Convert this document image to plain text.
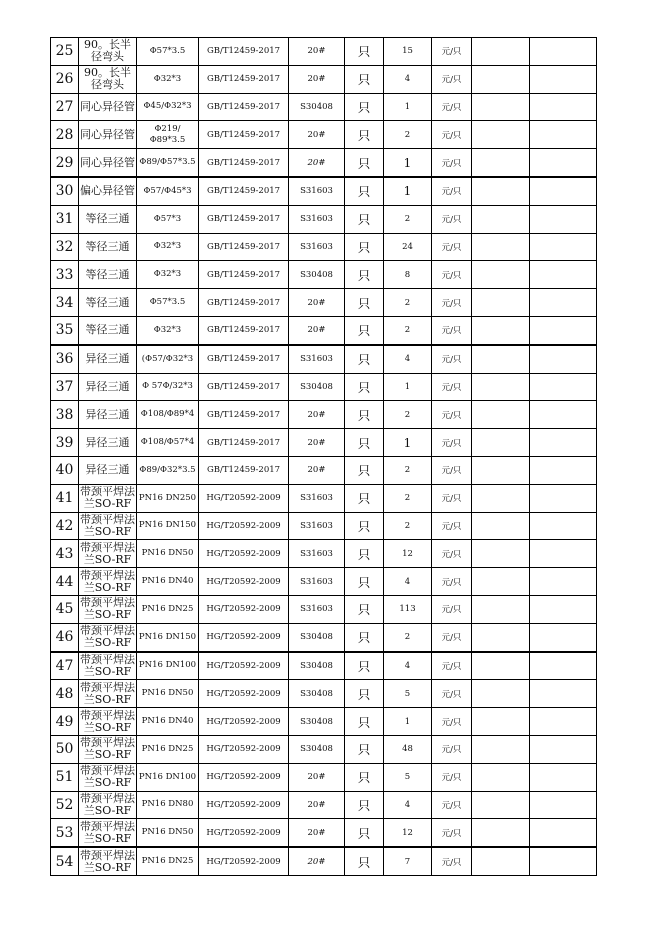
25	90。长半径弯头	Φ57*3.5	GB/T12459-2017	20#	只	15	元/只		
26	90。长半径弯头	Φ32*3	GB/T12459-2017	20#	只	4	元/只		
27	同心异径管	Φ45/Φ32*3	GB/T12459-2017	S30408	只	1	元/只		
28	同心异径管	Φ219/Φ89*3.5	GB/T12459-2017	20#	只	2	元/只		
29	同心异径管	Φ89/Φ57*3.5	GB/T12459-2017	20#	只	1	元/只		
30	偏心异径管	Φ57/Φ45*3	GB/T12459-2017	S31603	只	1	元/只		
31	等径三通	Φ57*3	GB/T12459-2017	S31603	只	2	元/只		
32	等径三通	Φ32*3	GB/T12459-2017	S31603	只	24	元/只		
33	等径三通	Φ32*3	GB/T12459-2017	S30408	只	8	元/只		
34	等径三通	Φ57*3.5	GB/T12459-2017	20#	只	2	元/只		
35	等径三通	Φ32*3	GB/T12459-2017	20#	只	2	元/只		
36	异径三通	(Φ57/Φ32*3	GB/T12459-2017	S31603	只	4	元/只		
37	异径三通	Φ 57Φ/32*3	GB/T12459-2017	S30408	只	1	元/只		
38	异径三通	Φ108/Φ89*4	GB/T12459-2017	20#	只	2	元/只		
39	异径三通	Φ108/Φ57*4	GB/T12459-2017	20#	只	1	元/只		
40	异径三通	Φ89/Φ32*3.5	GB/T12459-2017	20#	只	2	元/只		
41	带颈平焊法兰SO-RF	PN16 DN250	HG/T20592-2009	S31603	只	2	元/只		
42	带颈平焊法兰SO-RF	PN16 DN150	HG/T20592-2009	S31603	只	2	元/只		
43	带颈平焊法兰SO-RF	PN16 DN50	HG/T20592-2009	S31603	只	12	元/只		
44	带颈平焊法兰SO-RF	PN16 DN40	HG/T20592-2009	S31603	只	4	元/只		
45	带颈平焊法兰SO-RF	PN16 DN25	HG/T20592-2009	S31603	只	113	元/只		
46	带颈平焊法兰SO-RF	PN16 DN150	HG/T20592-2009	S30408	只	2	元/只		
47	带颈平焊法兰SO-RF	PN16 DN100	HG/T20592-2009	S30408	只	4	元/只		
48	带颈平焊法兰SO-RF	PN16 DN50	HG/T20592-2009	S30408	只	5	元/只		
49	带颈平焊法兰SO-RF	PN16 DN40	HG/T20592-2009	S30408	只	1	元/只		
50	带颈平焊法兰SO-RF	PN16 DN25	HG/T20592-2009	S30408	只	48	元/只		
51	带颈平焊法兰SO-RF	PN16 DN100	HG/T20592-2009	20#	只	5	元/只		
52	带颈平焊法兰SO-RF	PN16 DN80	HG/T20592-2009	20#	只	4	元/只		
53	带颈平焊法兰SO-RF	PN16 DN50	HG/T20592-2009	20#	只	12	元/只		
54	带颈平焊法兰SO-RF	PN16 DN25	HG/T20592-2009	20#	只	7	元/只		
